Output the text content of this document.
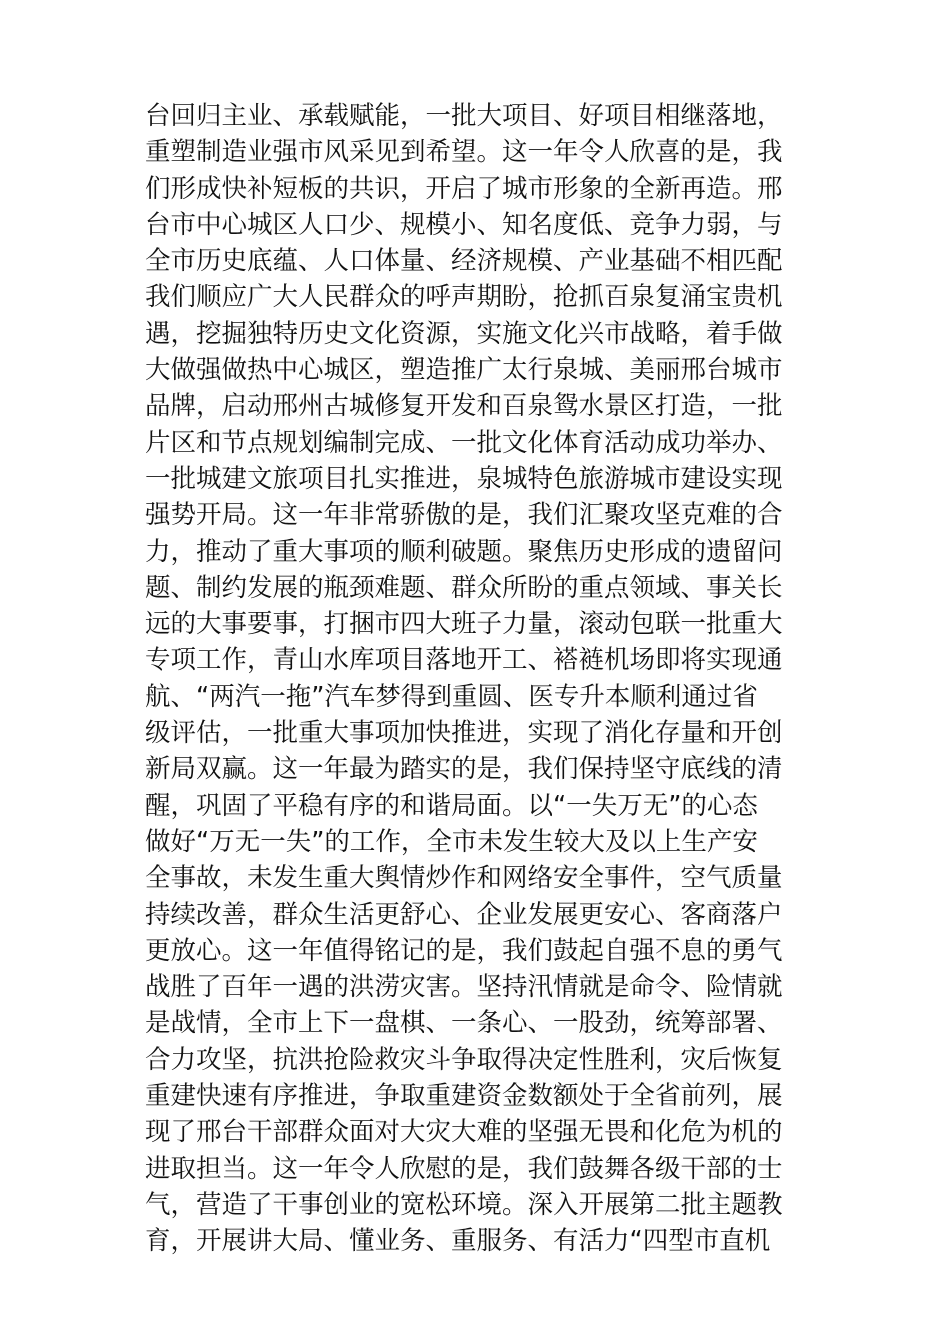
台回归主业、承载赋能，一批大项目、好项目相继落地，
重塑制造业强市风采见到希望。这一年令人欣喜的是，我
们形成快补短板的共识，开启了城市形象的全新再造。邢
台市中心城区人口少、规模小、知名度低、竞争力弱，与
全市历史底蕴、人口体量、经济规模、产业基础不相匹配
我们顺应广大人民群众的呼声期盼，抢抓百泉复涌宝贵机
遇，挖掘独特历史文化资源，实施文化兴市战略，着手做
大做强做热中心城区，塑造推广太行泉城、美丽邢台城市
品牌，启动邢州古城修复开发和百泉鸳水景区打造，一批
片区和节点规划编制完成、一批文化体育活动成功举办、
一批城建文旅项目扎实推进，泉城特色旅游城市建设实现
强势开局。这一年非常骄傲的是，我们汇聚攻坚克难的合
力，推动了重大事项的顺利破题。聚焦历史形成的遗留问
题、制约发展的瓶颈难题、群众所盼的重点领域、事关长
远的大事要事，打捆市四大班子力量，滚动包联一批重大
专项工作，青山水库项目落地开工、褡裢机场即将实现通
航、“两汽一拖”汽车梦得到重圆、医专升本顺利通过省
级评估，一批重大事项加快推进，实现了消化存量和开创
新局双赢。这一年最为踏实的是，我们保持坚守底线的清
醒，巩固了平稳有序的和谐局面。以“一失万无”的心态
做好“万无一失”的工作，全市未发生较大及以上生产安
全事故，未发生重大舆情炒作和网络安全事件，空气质量
持续改善，群众生活更舒心、企业发展更安心、客商落户
更放心。这一年值得铭记的是，我们鼓起自强不息的勇气
战胜了百年一遇的洪涝灾害。坚持汛情就是命令、险情就
是战情，全市上下一盘棋、一条心、一股劲，统筹部署、
合力攻坚，抗洪抢险救灾斗争取得决定性胜利，灾后恢复
重建快速有序推进，争取重建资金数额处于全省前列，展
现了邢台干部群众面对大灾大难的坚强无畏和化危为机的
进取担当。这一年令人欣慰的是，我们鼓舞各级干部的士
气，营造了干事创业的宽松环境。深入开展第二批主题教
育，开展讲大局、懂业务、重服务、有活力“四型市直机
